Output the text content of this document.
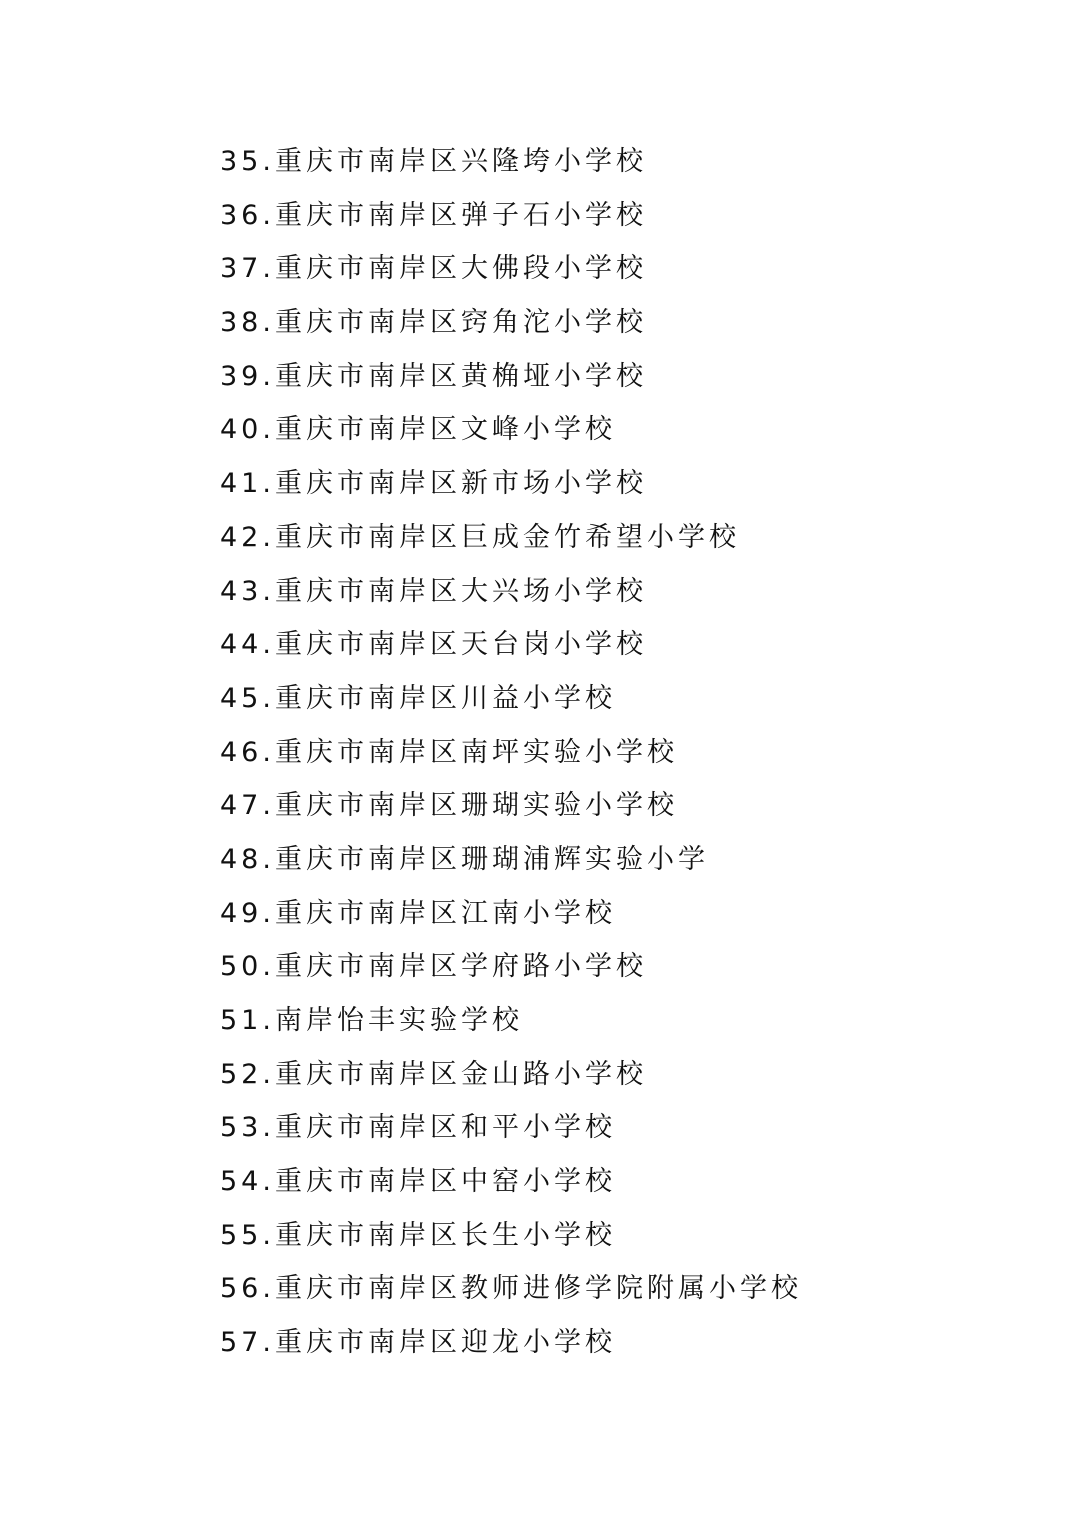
35.重庆市南岸区兴隆垮小学校
36.重庆市南岸区弹子石小学校
37.重庆市南岸区大佛段小学校
38.重庆市南岸区窍角沱小学校
39.重庆市南岸区黄桷垭小学校
40.重庆市南岸区文峰小学校
41.重庆市南岸区新市场小学校
42.重庆市南岸区巨成金竹希望小学校
43.重庆市南岸区大兴场小学校
44.重庆市南岸区天台岗小学校
45.重庆市南岸区川益小学校
46.重庆市南岸区南坪实验小学校
47.重庆市南岸区珊瑚实验小学校
48.重庆市南岸区珊瑚浦辉实验小学
49.重庆市南岸区江南小学校
50.重庆市南岸区学府路小学校
51.南岸怡丰实验学校
52.重庆市南岸区金山路小学校
53.重庆市南岸区和平小学校
54.重庆市南岸区中窑小学校
55.重庆市南岸区长生小学校
56.重庆市南岸区教师进修学院附属小学校
57.重庆市南岸区迎龙小学校
